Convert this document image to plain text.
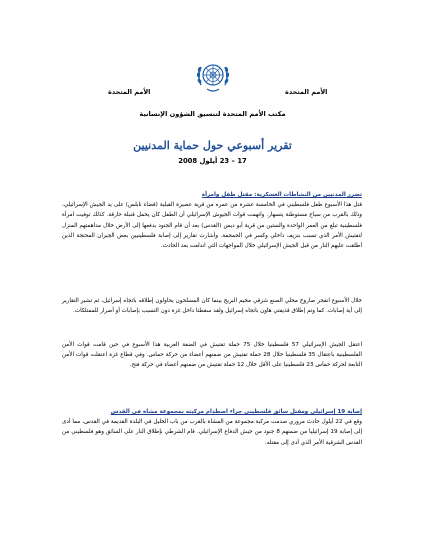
الأمم المتحدة
الأمم المتحدة
مكتب الأمم المتحدة لتنسيق الشؤون الإنسانية
تقرير أسبوعي حول حماية المدنيين
17 – 23 أيلول 2008
تضرر المدنيين من النشاطات العسكرية: مقتل طفل وامرأة
قتل هذا الأسبوع طفل فلسطيني في الخامسة عشرة من عمره من قرية عصيرة القبلية (قضاء نابلس) على يد الجيش الإسرائيلي، وذلك بالقرب من سياج مستوطنة يتسهار. واتهمت قوات الجيوش الإسرائيلي أن الطفل كان يحمل قنبلة حارقة. كذلك توفيت امرأة فلسطينية تبلغ من العمر الواحدة والستين من قرية أبو ديس (القدس) بعد أن قام الجنود بدفعها إلى الأرض خلال مداهمتهم المنزل لتفتيش الأمر الذي تسبب بنزيف داخلي وكسر في الجمجمة. وأشارت تقارير إلى إصابة فلسطينيين بعض الجيران المحتجة الذين أطلقت عليهم النار من قبل الجيش الإسرائيلي خلال المواجهات التي اندلعت بعد الحادث.
خلال الأسبوع انفجر صاروخ محلي الصنع شرقي مخيم البريج بينما كان المسلحون يحاولون إطلاقه باتجاه إسرائيل، ثم تشير التقارير إلى أية إصابات. كما وتم إطلاق قذيفتي هاون باتجاه إسرائيل ولقد سقطتا داخل غزة دون التسبب بإصابات أو أضرار للممتلكات.
اعتقل الجيش الإسرائيلي 57 فلسطينيا خلال 75 حملة تفتيش في الضفة الغربية هذا الأسبوع في حين قامت قوات الأمن الفلسطينية باعتقال 35 فلسطينيا خلال 28 حملة تفتيش من ضمنهم أعضاء من حركة حماس. وفي قطاع غزة اعتقلت قوات الأمن التابعة لحركة حماس 23 فلسطينيا على الأقل خلال 12 حملة تفتيش من ضمنهم أعضاء في حركة فتح.
إصابة 19 إسرائيلي ومقتل سائق فلسطيني جراء اصطدام مركبته بمجموعة مشاة في القدس
وقع في 22 أيلول حادث مروري صدمت مركبة مجموعة من المشاة بالقرب من باب الخليل في البلدة القديمة في القدس، مما أدى إلى إصابة 19 إسرائيليا من ضمنهم 8 جنود من جيش الدفاع الإسرائيلي. قام الشرطي بإطلاق النار على السائق وهو فلسطيني من القدس الشرقية الأمر الذي أدى إلى مقتله.
